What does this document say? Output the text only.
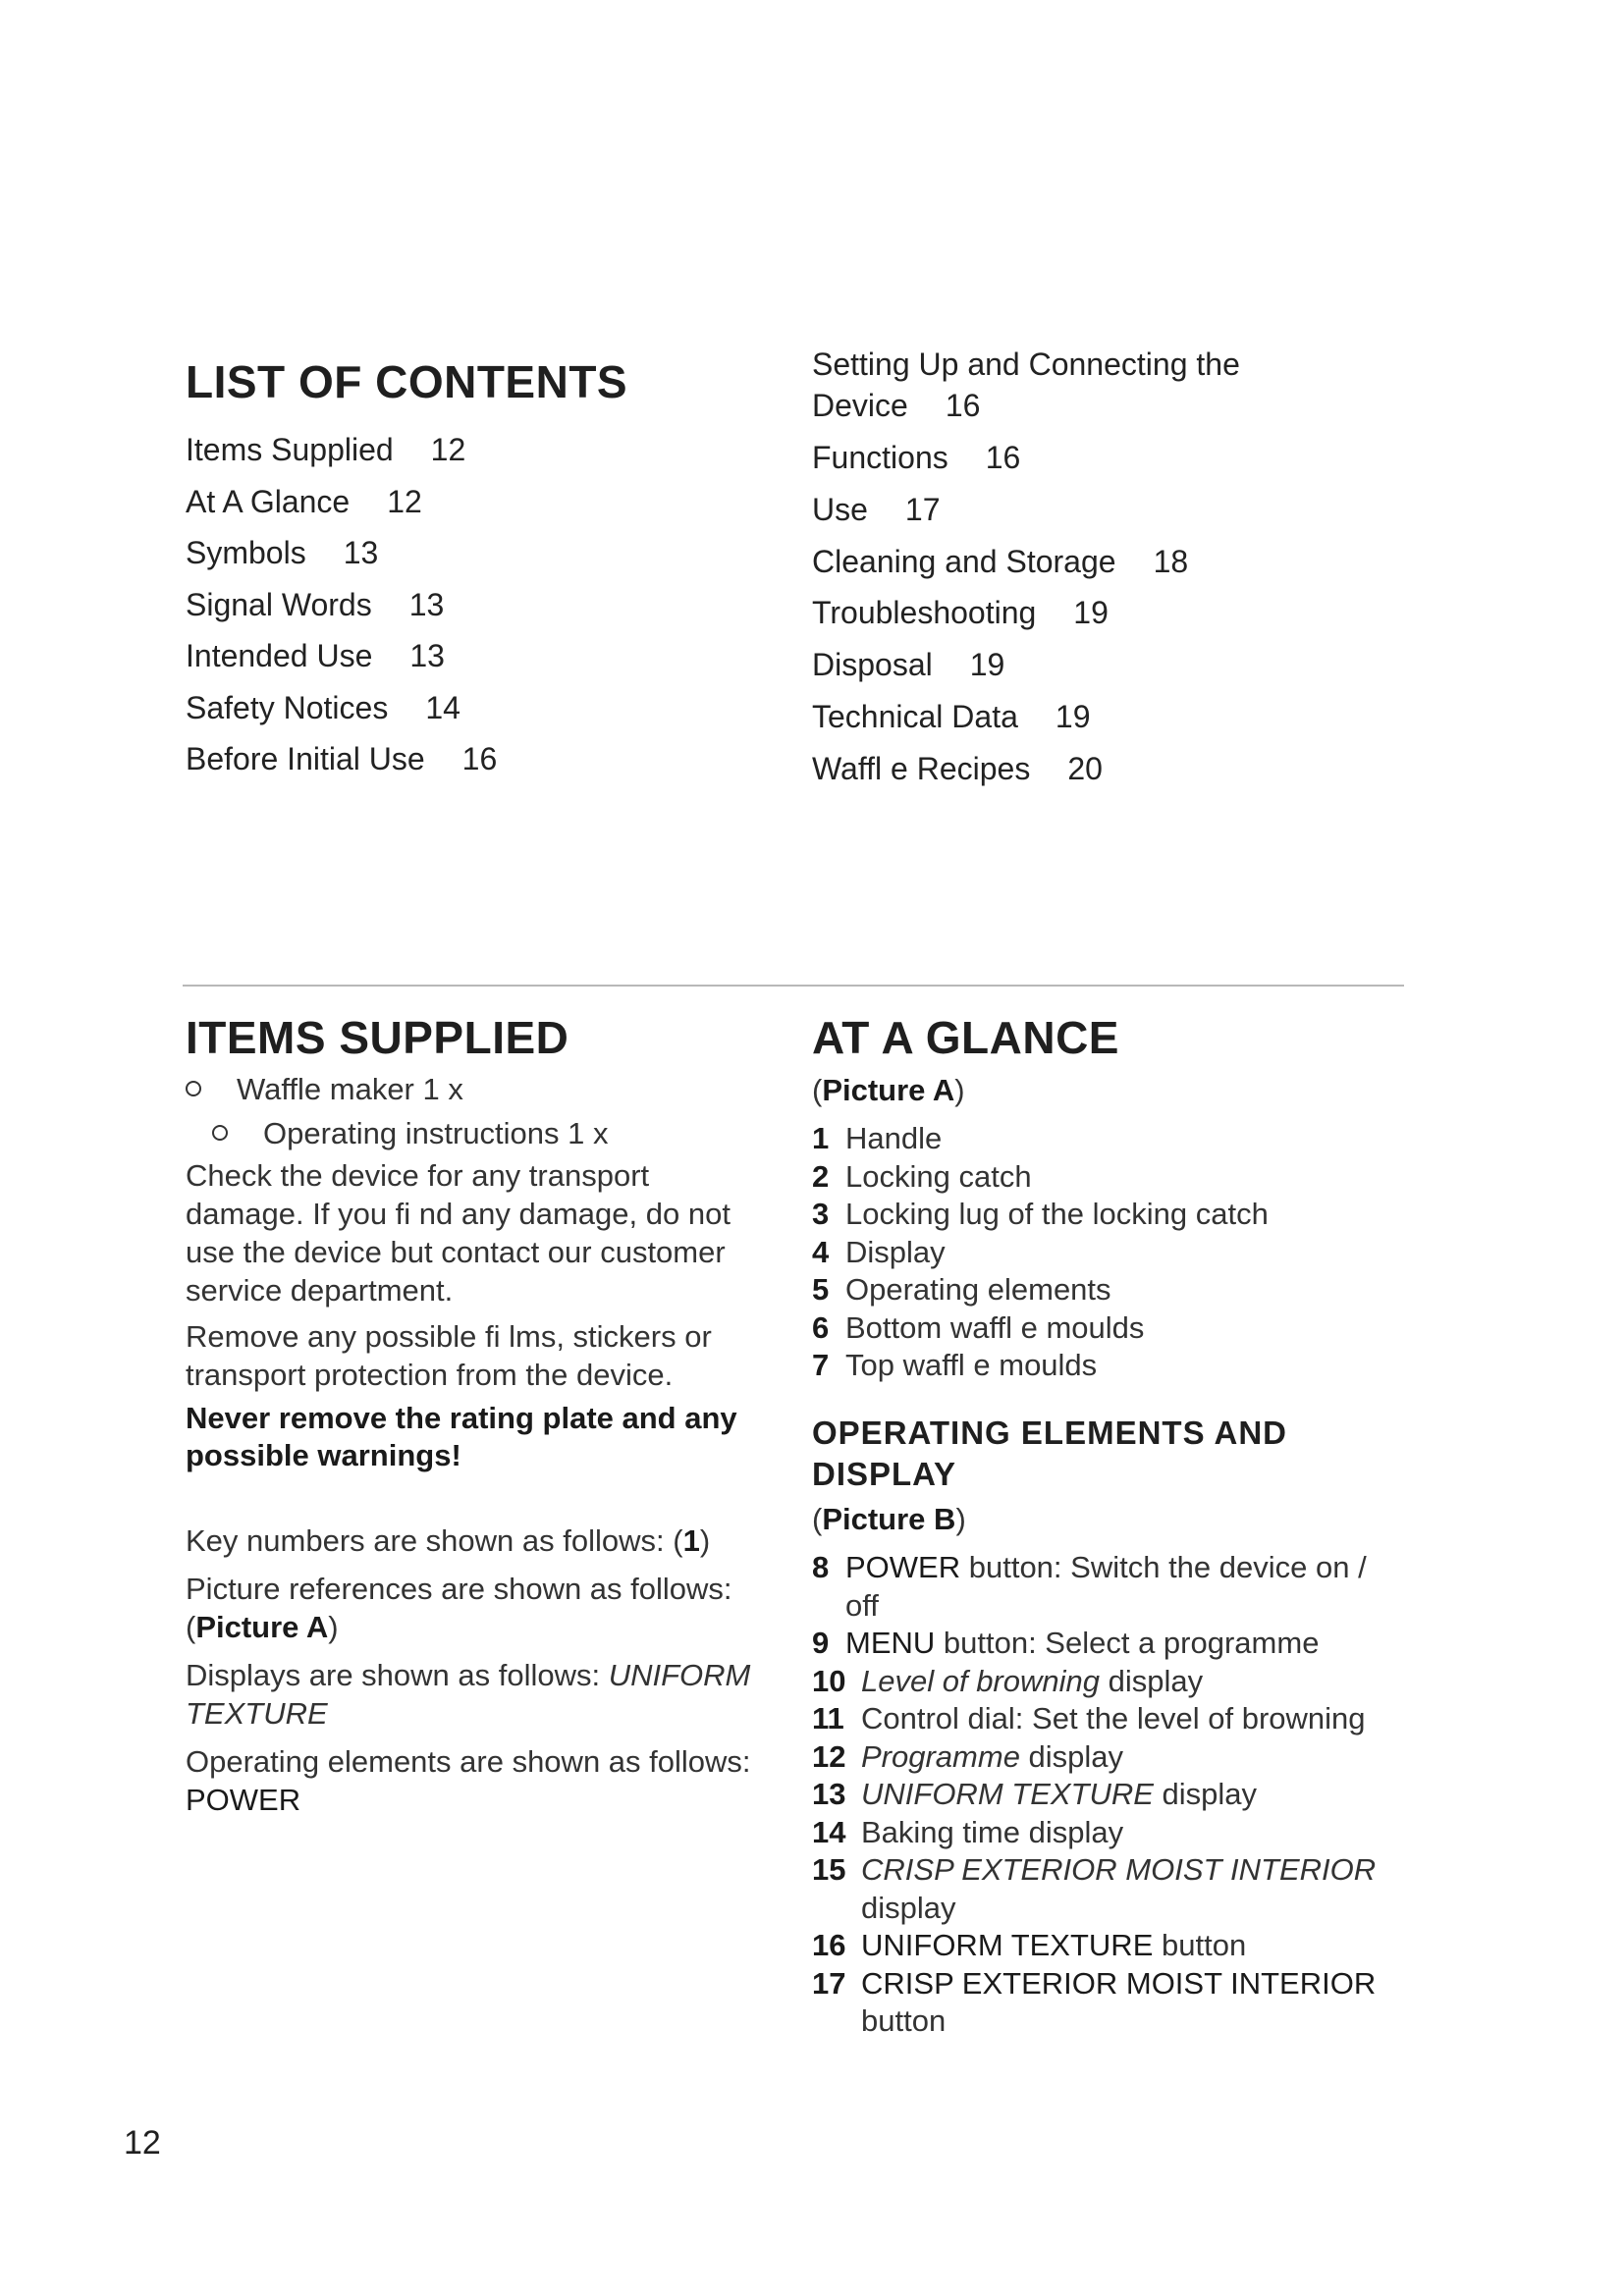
LIST OF CONTENTS
Items Supplied 12
At A Glance 12
Symbols 13
Signal Words 13
Intended Use 13
Safety Notices 14
Before Initial Use 16
Setting Up and Connecting the
Device 16
Functions 16
Use 17
Cleaning and Storage 18
Troubleshooting 19
Disposal 19
Technical Data 19
Waffl e Recipes 20
ITEMS SUPPLIED
Waffle maker 1 x
Operating instructions 1 x

Check the device for any transport damage. If you fi nd any damage, do not use the device but contact our customer service department.

Remove any possible fi lms, stickers or transport protection from the device.

Never remove the rating plate and any possible warnings!

Key numbers are shown as follows: (1)

Picture references are shown as follows:
(Picture A)

Displays are shown as follows: UNIFORM TEXTURE

Operating elements are shown as follows:
POWER

AT A GLANCE
(Picture A)
1 Handle
2 Locking catch
3 Locking lug of the locking catch
4 Display
5 Operating elements
6 Bottom waffl e moulds
7 Top waffl e moulds
OPERATING ELEMENTS AND
DISPLAY
(Picture B)
8 POWER button: Switch the device on / off
9 MENU button: Select a programme
10 Level of browning display
11 Control dial: Set the level of browning
12 Programme display
13 UNIFORM TEXTURE display
14 Baking time display
15 CRISP EXTERIOR MOIST INTERIOR display
16 UNIFORM TEXTURE button
17 CRISP EXTERIOR MOIST INTERIOR button
12
